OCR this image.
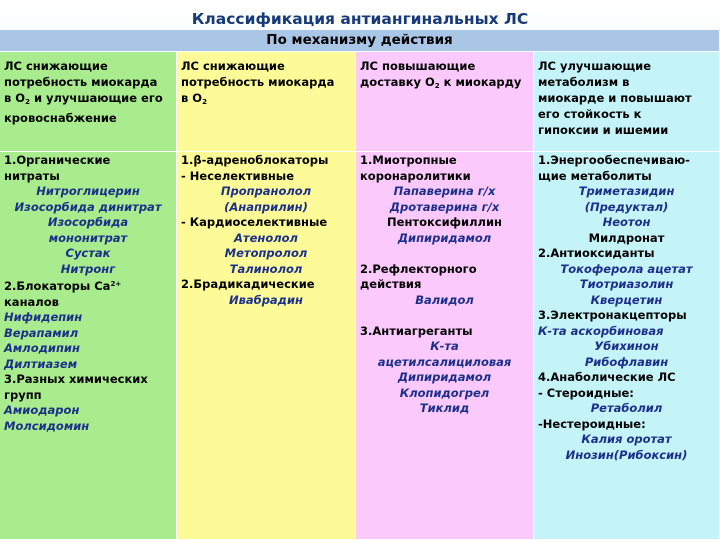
Классификация антиангинальных ЛС
По механизму действия
ЛС снижающие
потребность миокарда
в $О_2$ и улучшающие его
кровоснабжение
ЛС снижающие
потребность миокарда
в $О_2$
ЛС повышающие
доставку $О_2$ к миокарду
ЛС улучшающие
метаболизм в
миокарде и повышают
его стойкость к
гипоксии и ишемии
1.Органические
нитраты
Нитроглицерин
Изосорбида динитрат
Изосорбида
мононитрат
Сустак
Нитронг
2.Блокаторы $Са^{2+}$
каналов
Нифидепин
Верапамил
Амлодипин
Дилтиазем
3.Разных химических
групп
Амиодарон
Молсидомин
1.β-адреноблокаторы
- Неселективные
Пропранолол
(Анаприлин)
- Кардиоселективные
Атенолол
Метопролол
Талинолол
2.Брадикадические
Ивабрадин
1.Миотропные
коронаролитики
Папаверина г/х
Дротаверина г/х
Пентоксифиллин
Дипиридамол
2.Рефлекторного
действия
Валидол
3.Антиагреганты
К-та
ацетилсалициловая
Дипиридамол
Клопидогрел
Тиклид
1.Энергообеспечиваю-
щие метаболиты
Триметазидин
(Предуктал)
Неотон
Милдронат
2.Антиоксиданты
Токоферола ацетат
Тиотриазолин
Кверцетин
3.Электронакцепторы
К-та аскорбиновая
Убихинон
Рибофлавин
4.Анаболические ЛС
- Стероидные:
Ретаболил
-Нестероидные:
Калия оротат
Инозин(Рибоксин)
